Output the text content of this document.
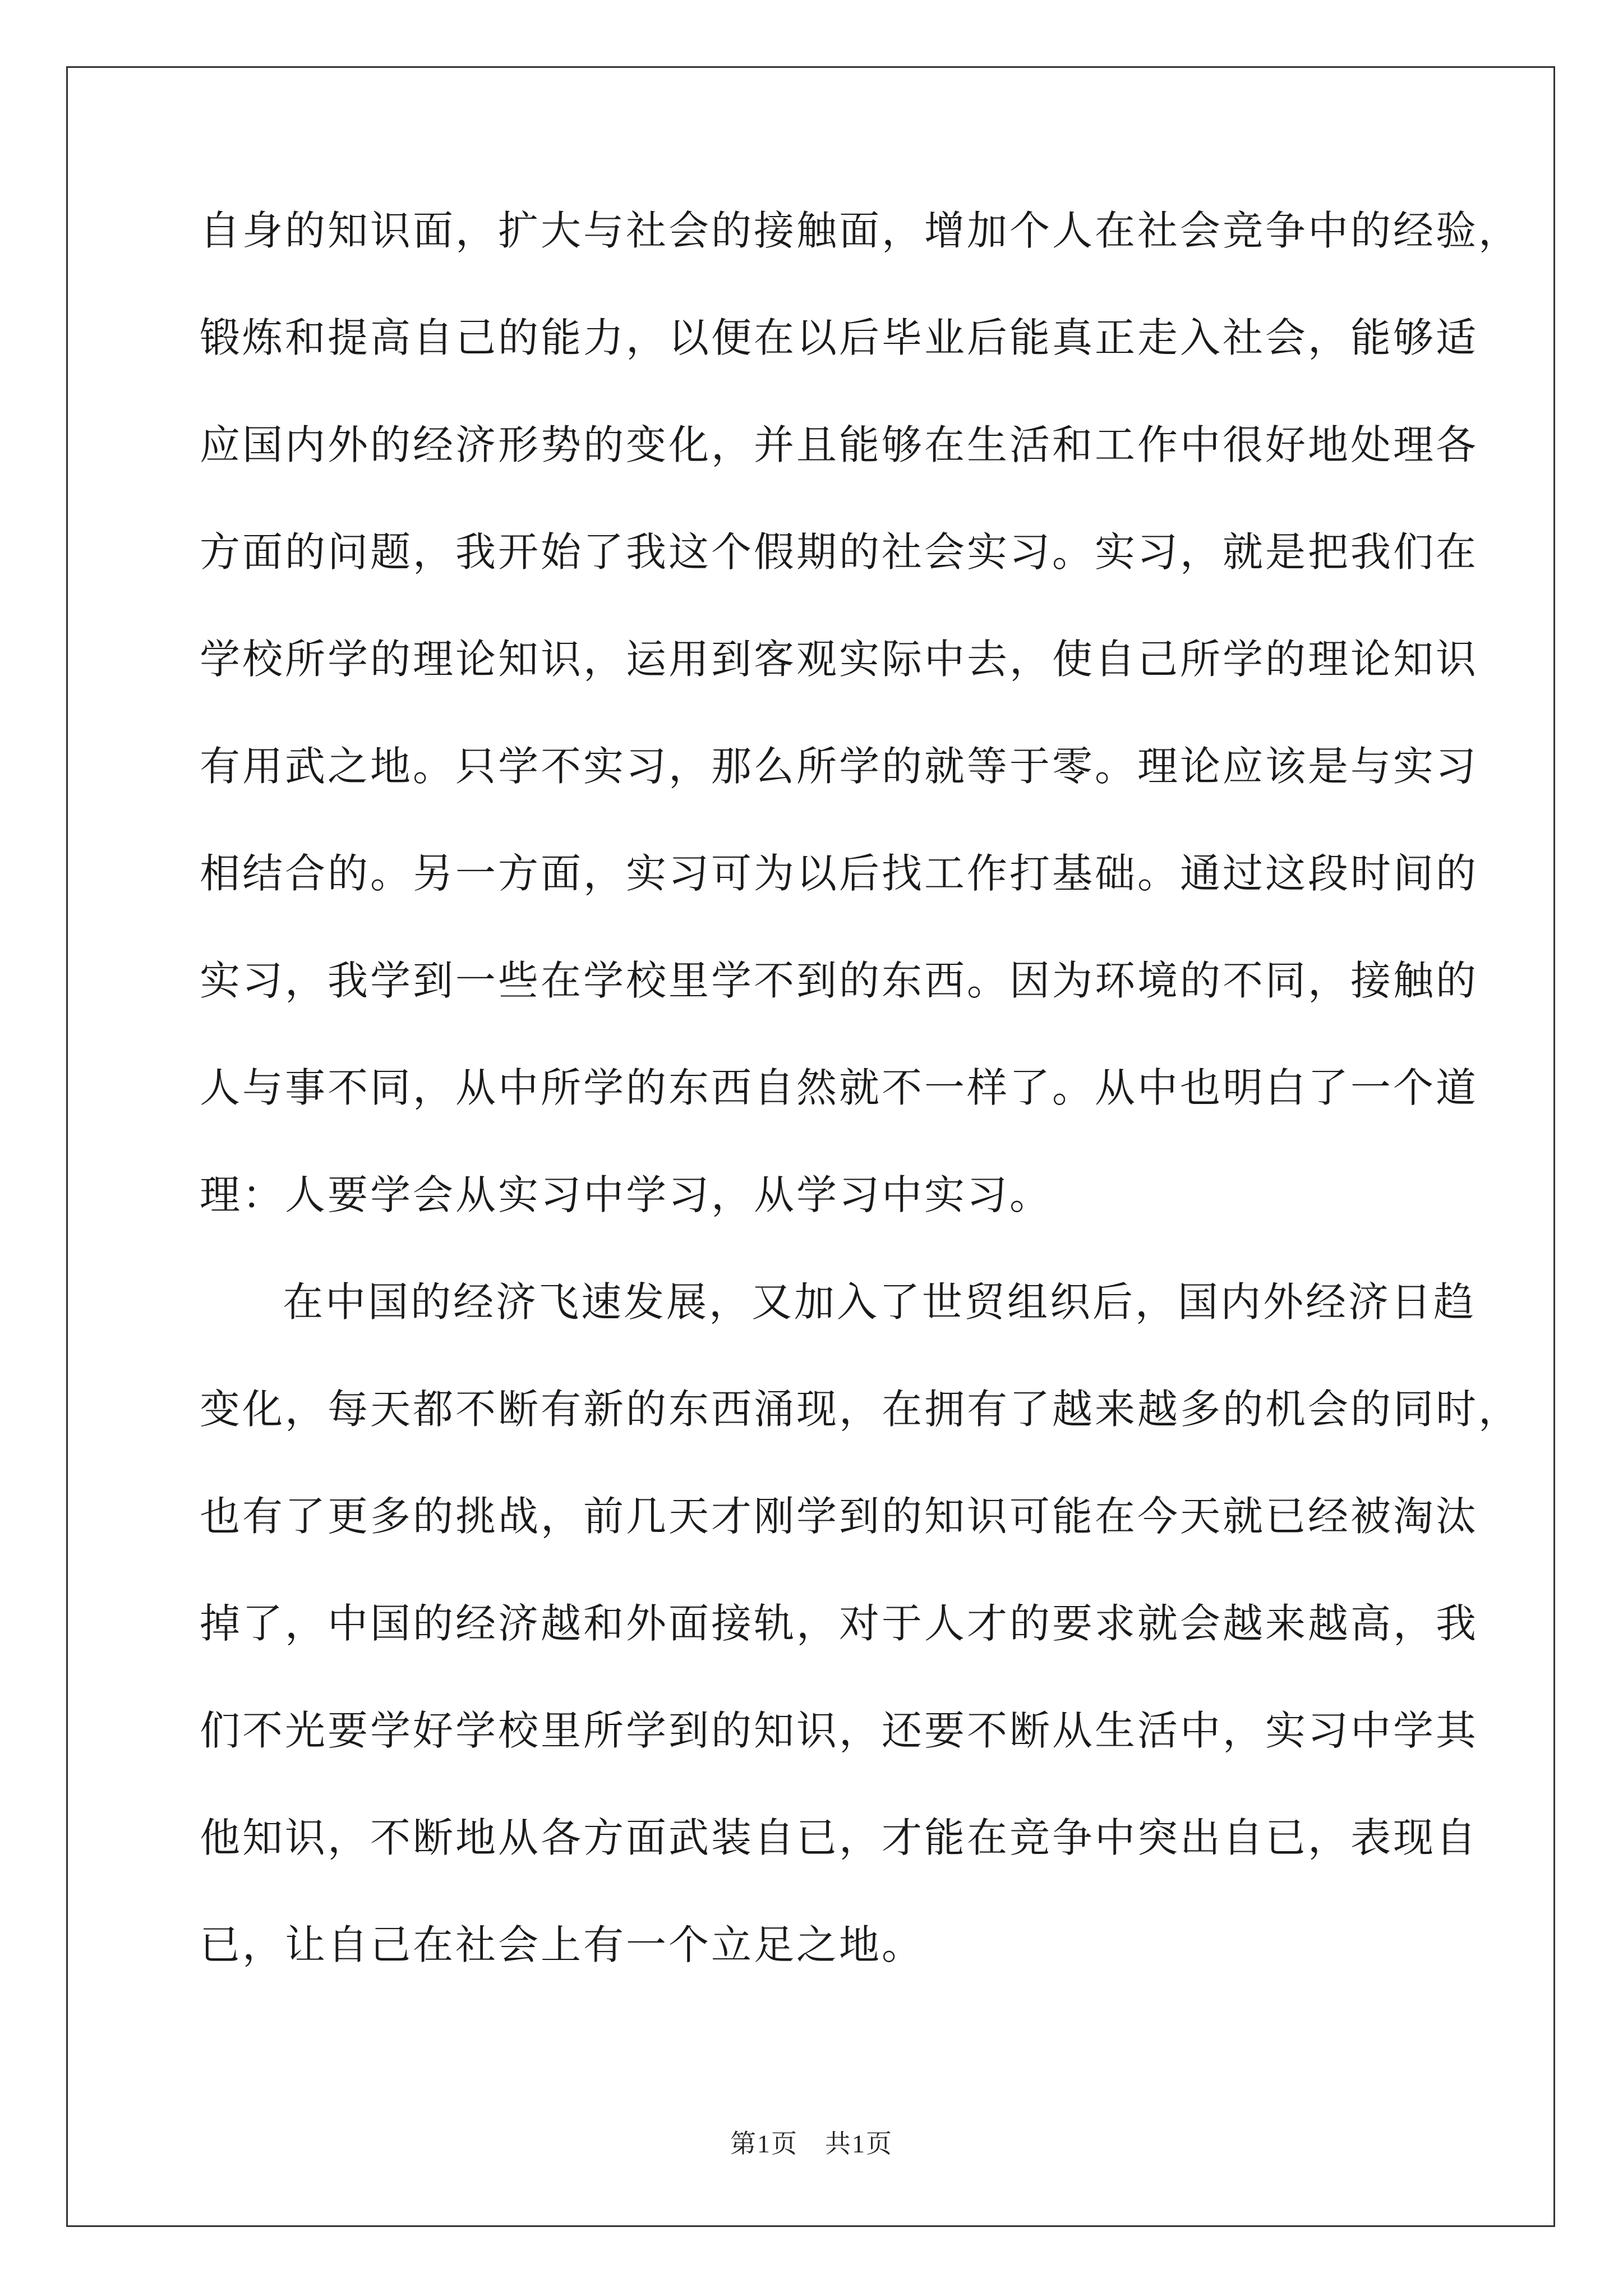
自身的知识面，扩大与社会的接触面，增加个人在社会竞争中的经验，
锻炼和提高自己的能力，以便在以后毕业后能真正走入社会，能够适
应国内外的经济形势的变化，并且能够在生活和工作中很好地处理各
方面的问题，我开始了我这个假期的社会实习。实习，就是把我们在
学校所学的理论知识，运用到客观实际中去，使自己所学的理论知识
有用武之地。只学不实习，那么所学的就等于零。理论应该是与实习
相结合的。另一方面，实习可为以后找工作打基础。通过这段时间的
实习，我学到一些在学校里学不到的东西。因为环境的不同，接触的
人与事不同，从中所学的东西自然就不一样了。从中也明白了一个道
理：人要学会从实习中学习，从学习中实习。
在中国的经济飞速发展，又加入了世贸组织后，国内外经济日趋
变化，每天都不断有新的东西涌现，在拥有了越来越多的机会的同时，
也有了更多的挑战，前几天才刚学到的知识可能在今天就已经被淘汰
掉了，中国的经济越和外面接轨，对于人才的要求就会越来越高，我
们不光要学好学校里所学到的知识，还要不断从生活中，实习中学其
他知识，不断地从各方面武装自已，才能在竞争中突出自已，表现自
已，让自己在社会上有一个立足之地。
第1页　共1页
